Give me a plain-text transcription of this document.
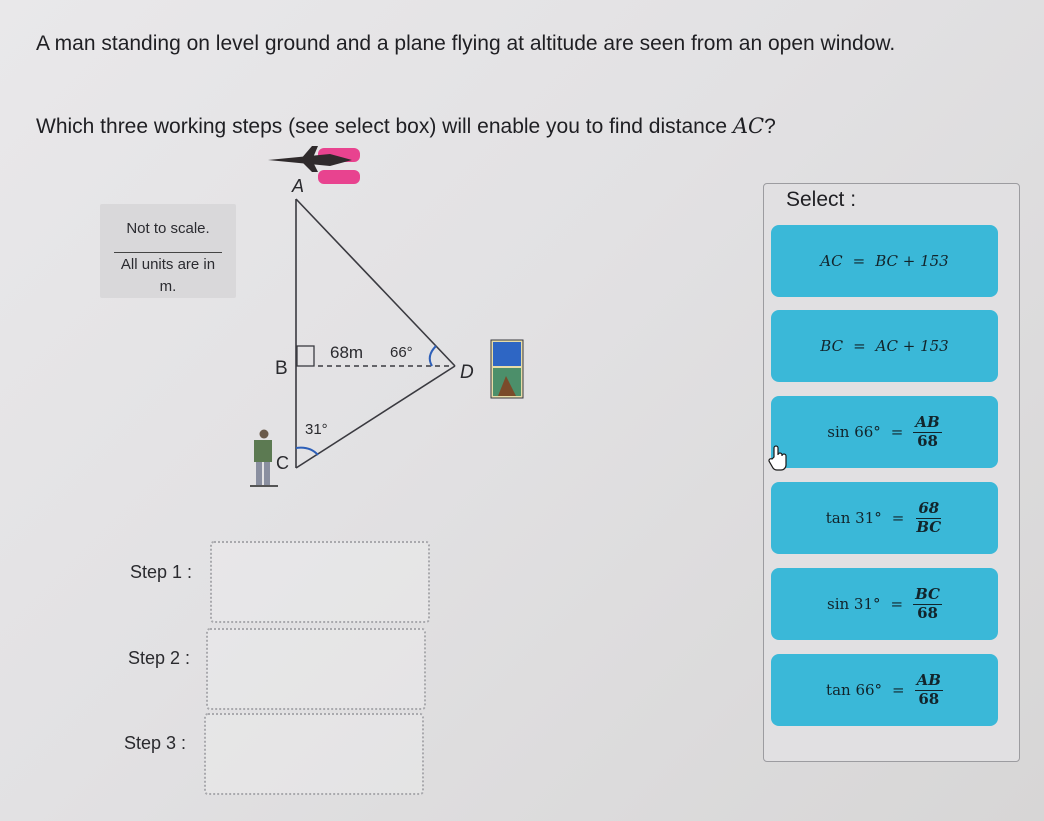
A man standing on level ground and a plane flying at altitude are seen from an open window.

Which three working steps (see select box) will enable you to find distance AC?

Not to scale.
All units are in
m.
A
B
C
D
68m 66°
31°
Step 1 :
Step 2 :
Step 3 :
Select :
AC = BC + 153
BC = AC + 153
$\sin 66^\circ = \frac{AB}{68}$
$\tan 31^\circ = \frac{68}{BC}$
$\sin 31^\circ = \frac{BC}{68}$
$\tan 66^\circ = \frac{AB}{68}$
